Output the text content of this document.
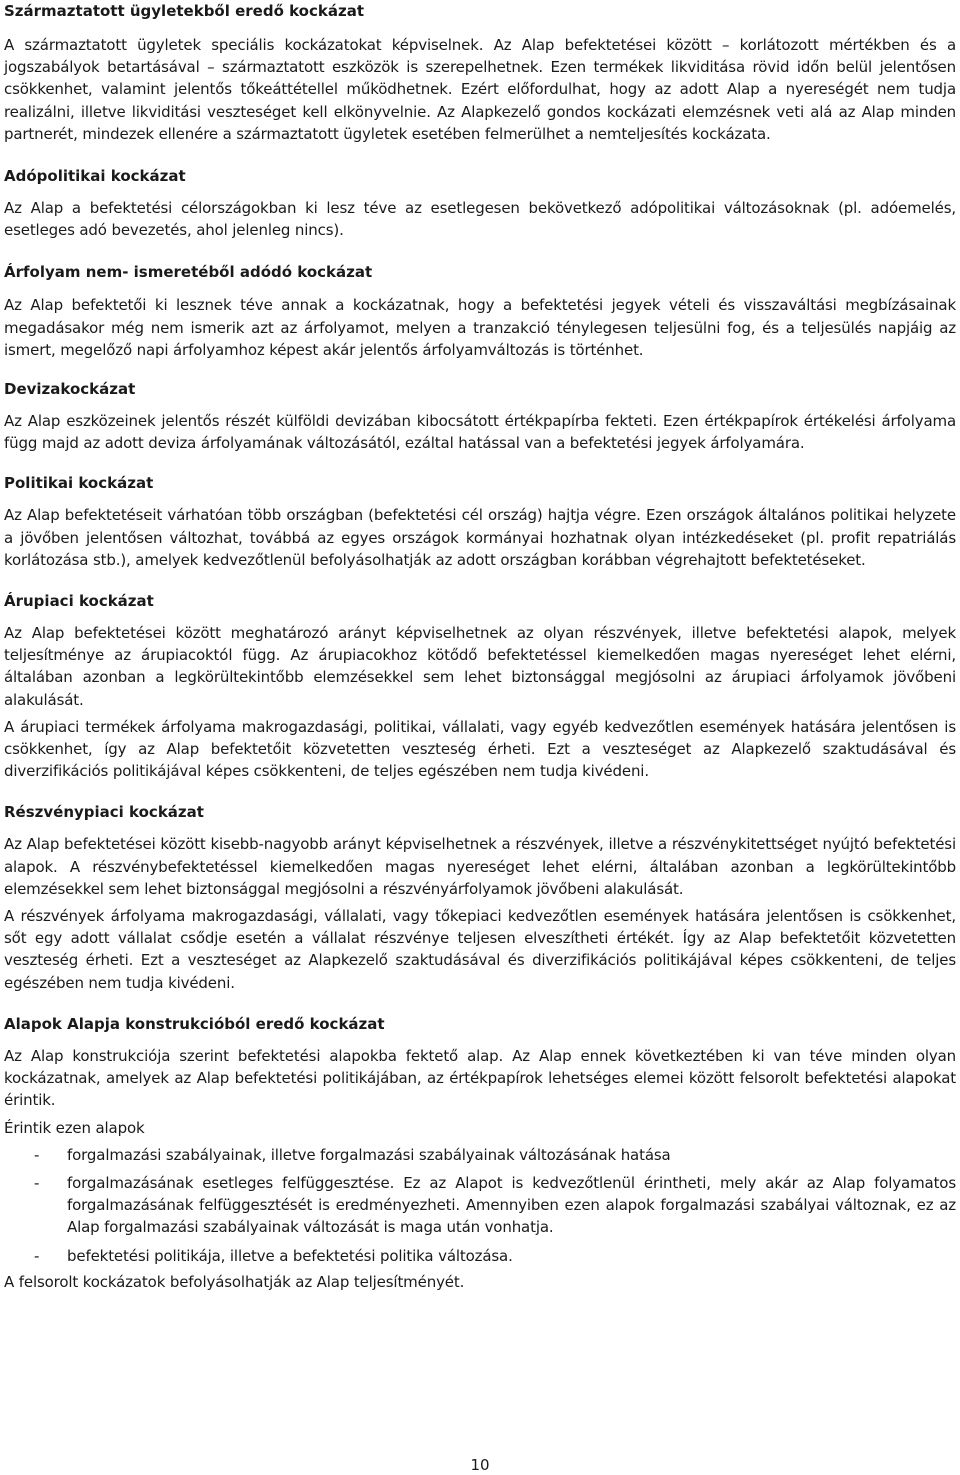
Származtatott ügyletekből eredő kockázat

A származtatott ügyletek speciális kockázatokat képviselnek. Az Alap befektetései között – korlátozott mértékben és a jogszabályok betartásával – származtatott eszközök is szerepelhetnek. Ezen termékek likviditása rövid időn belül jelentősen csökkenhet, valamint jelentős tőkeáttétellel működhetnek. Ezért előfordulhat, hogy az adott Alap a nyereségét nem tudja realizálni, illetve likviditási veszteséget kell elkönyvelnie. Az Alapkezelő gondos kockázati elemzésnek veti alá az Alap minden partnerét, mindezek ellenére a származtatott ügyletek esetében felmerülhet a nemteljesítés kockázata.

Adópolitikai kockázat

Az Alap a befektetési célországokban ki lesz téve az esetlegesen bekövetkező adópolitikai változásoknak (pl. adóemelés, esetleges adó bevezetés, ahol jelenleg nincs).

Árfolyam nem- ismeretéből adódó kockázat

Az Alap befektetői ki lesznek téve annak a kockázatnak, hogy a befektetési jegyek vételi és visszaváltási megbízásainak megadásakor még nem ismerik azt az árfolyamot, melyen a tranzakció ténylegesen teljesülni fog, és a teljesülés napjáig az ismert, megelőző napi árfolyamhoz képest akár jelentős árfolyamváltozás is történhet.

Devizakockázat

Az Alap eszközeinek jelentős részét külföldi devizában kibocsátott értékpapírba fekteti. Ezen értékpapírok értékelési árfolyama függ majd az adott deviza árfolyamának változásától, ezáltal hatással van a befektetési jegyek árfolyamára.

Politikai kockázat

Az Alap befektetéseit várhatóan több országban (befektetési cél ország) hajtja végre. Ezen országok általános politikai helyzete a jövőben jelentősen változhat, továbbá az egyes országok kormányai hozhatnak olyan intézkedéseket (pl. profit repatriálás korlátozása stb.), amelyek kedvezőtlenül befolyásolhatják az adott országban korábban végrehajtott befektetéseket.

Árupiaci kockázat

Az Alap befektetései között meghatározó arányt képviselhetnek az olyan részvények, illetve befektetési alapok, melyek teljesítménye az árupiacoktól függ. Az árupiacokhoz kötődő befektetéssel kiemelkedően magas nyereséget lehet elérni, általában azonban a legkörültekintőbb elemzésekkel sem lehet biztonsággal megjósolni az árupiaci árfolyamok jövőbeni alakulását.

A árupiaci termékek árfolyama makrogazdasági, politikai, vállalati, vagy egyéb kedvezőtlen események hatására jelentősen is csökkenhet, így az Alap befektetőit közvetetten veszteség érheti. Ezt a veszteséget az Alapkezelő szaktudásával és diverzifikációs politikájával képes csökkenteni, de teljes egészében nem tudja kivédeni.

Részvénypiaci kockázat

Az Alap befektetései között kisebb-nagyobb arányt képviselhetnek a részvények, illetve a részvénykitettséget nyújtó befektetési alapok. A részvénybefektetéssel kiemelkedően magas nyereséget lehet elérni, általában azonban a legkörültekintőbb elemzésekkel sem lehet biztonsággal megjósolni a részvényárfolyamok jövőbeni alakulását.

A részvények árfolyama makrogazdasági, vállalati, vagy tőkepiaci kedvezőtlen események hatására jelentősen is csökkenhet, sőt egy adott vállalat csődje esetén a vállalat részvénye teljesen elveszítheti értékét. Így az Alap befektetőit közvetetten veszteség érheti. Ezt a veszteséget az Alapkezelő szaktudásával és diverzifikációs politikájával képes csökkenteni, de teljes egészében nem tudja kivédeni.

Alapok Alapja konstrukcióból eredő kockázat

Az Alap konstrukciója szerint befektetési alapokba fektető alap. Az Alap ennek következtében ki van téve minden olyan kockázatnak, amelyek az Alap befektetési politikájában, az értékpapírok lehetséges elemei között felsorolt befektetési alapokat érintik.

Érintik ezen alapok

- forgalmazási szabályainak, illetve forgalmazási szabályainak változásának hatása
- forgalmazásának esetleges felfüggesztése. Ez az Alapot is kedvezőtlenül érintheti, mely akár az Alap folyamatos forgalmazásának felfüggesztését is eredményezheti. Amennyiben ezen alapok forgalmazási szabályai változnak, ez az Alap forgalmazási szabályainak változását is maga után vonhatja.
- befektetési politikája, illetve a befektetési politika változása.

A felsorolt kockázatok befolyásolhatják az Alap teljesítményét.

10
